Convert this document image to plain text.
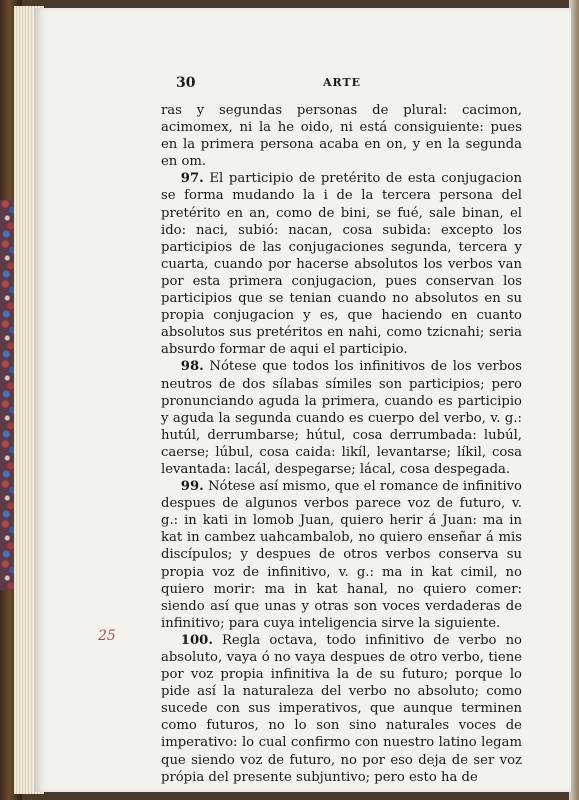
30	ARTE
25

ras y segundas personas de plural: cacimon, acimomex, ni la he oido, ni está consiguiente: pues en la primera persona acaba en on, y en la segunda en om.

97. El participio de pretérito de esta conjugacion se forma mudando la i de la tercera persona del pretérito en an, como de bini, se fué, sale binan, el ido: naci, subió: nacan, cosa subida: excepto los participios de las conjugaciones segunda, tercera y cuarta, cuando por hacerse absolutos los verbos van por esta primera conjugacion, pues conservan los participios que se tenian cuando no absolutos en su propia conjugacion y es, que haciendo en cuanto absolutos sus pretéritos en nahi, como tzicnahi; seria absurdo formar de aqui el participio.

98. Nótese que todos los infinitivos de los verbos neutros de dos sílabas símiles son participios; pero pronunciando aguda la primera, cuando es participio y aguda la segunda cuando es cuerpo del verbo, v. g.: hutúl, derrumbarse; hútul, cosa derrumbada: lubúl, caerse; lúbul, cosa caida: likíl, levantarse; líkil, cosa levantada: lacál, despegarse; lácal, cosa despegada.

99. Nótese así mismo, que el romance de infinitivo despues de algunos verbos parece voz de futuro, v. g.: in kati in lomob Juan, quiero herir á Juan: ma in kat in cambez uahcambalob, no quiero enseñar á mis discípulos; y despues de otros verbos conserva su propia voz de infinitivo, v. g.: ma in kat cimil, no quiero morir: ma in kat hanal, no quiero comer: siendo así que unas y otras son voces verdaderas de infinitivo; para cuya inteligencia sirve la siguiente.

100. Regla octava, todo infinitivo de verbo no absoluto, vaya ó no vaya despues de otro verbo, tiene por voz propia infinitiva la de su futuro; porque lo pide así la naturaleza del verbo no absoluto; como sucede con sus imperativos, que aunque terminen como futuros, no lo son sino naturales voces de imperativo: lo cual confirmo con nuestro latino legam que siendo voz de futuro, no por eso deja de ser voz própia del presente subjuntivo; pero esto ha de
